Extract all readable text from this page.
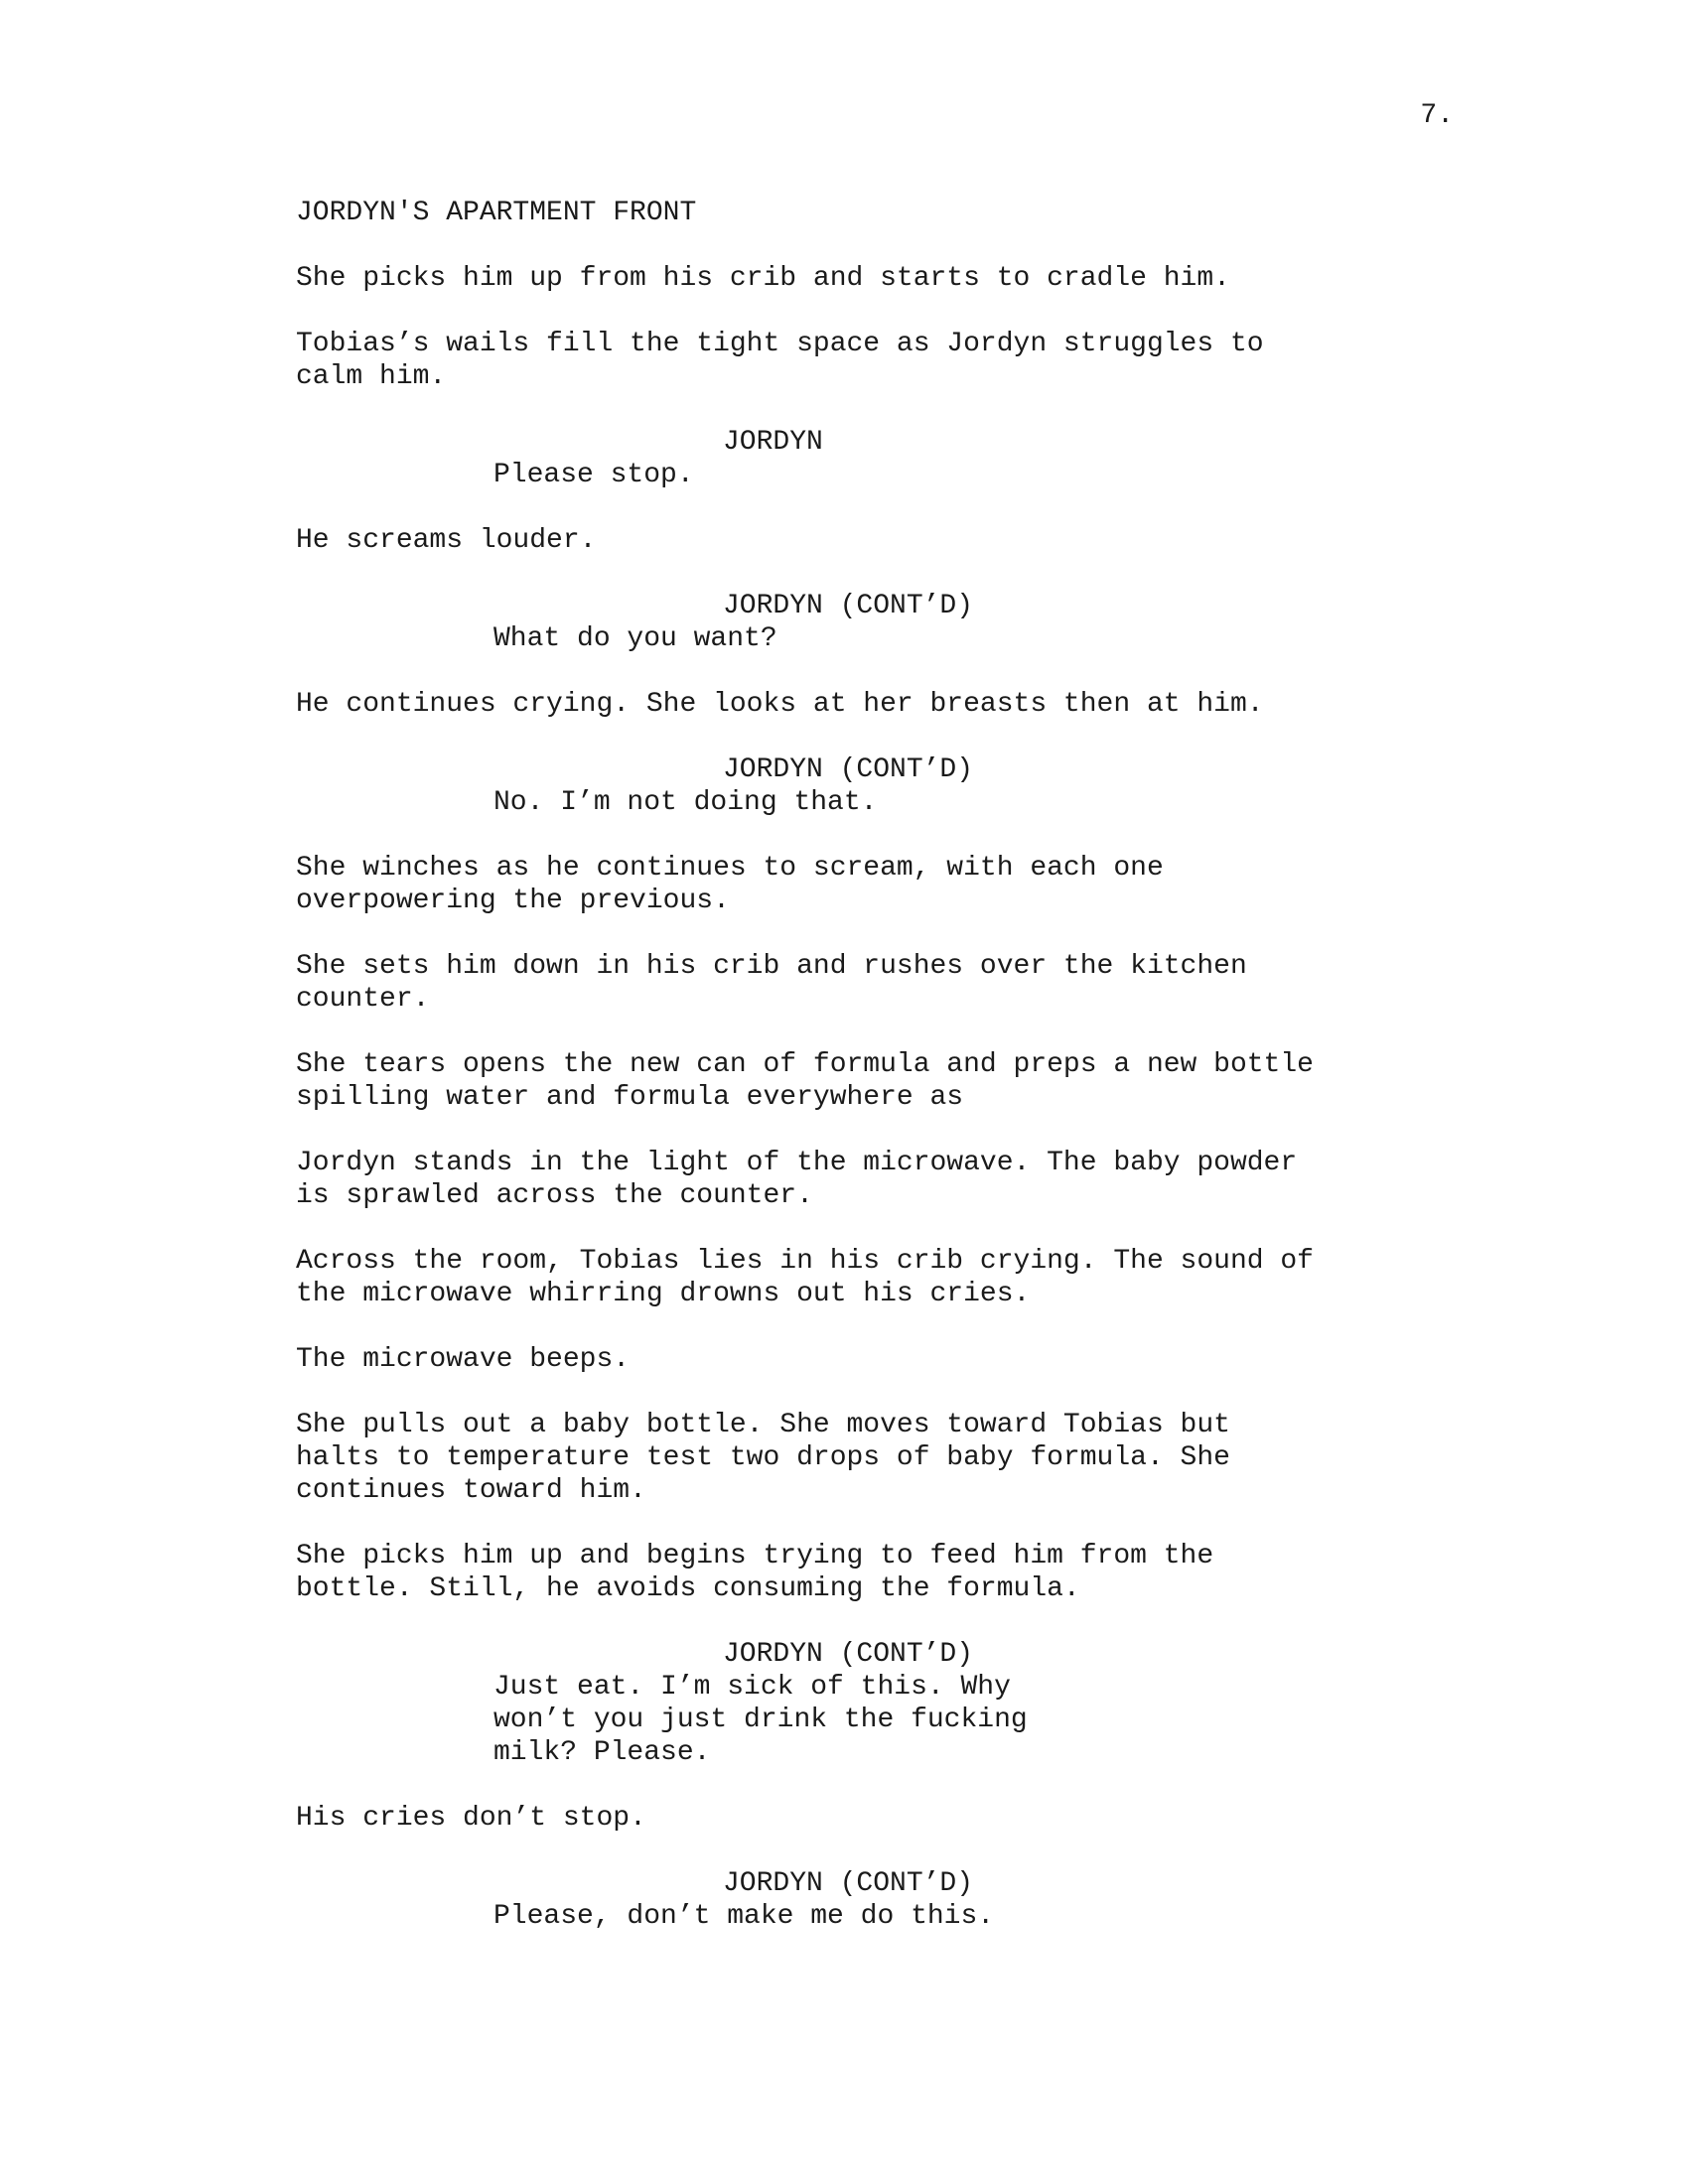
7.
JORDYN'S APARTMENT FRONT
She picks him up from his crib and starts to cradle him.
Tobias’s wails fill the tight space as Jordyn struggles to
calm him.
JORDYN
Please stop.
He screams louder.
JORDYN (CONT’D)
What do you want?
He continues crying. She looks at her breasts then at him.
JORDYN (CONT’D)
No. I’m not doing that.
She winches as he continues to scream, with each one
overpowering the previous.
She sets him down in his crib and rushes over the kitchen
counter.
She tears opens the new can of formula and preps a new bottle
spilling water and formula everywhere as
Jordyn stands in the light of the microwave. The baby powder
is sprawled across the counter.
Across the room, Tobias lies in his crib crying. The sound of
the microwave whirring drowns out his cries.
The microwave beeps.
She pulls out a baby bottle. She moves toward Tobias but
halts to temperature test two drops of baby formula. She
continues toward him.
She picks him up and begins trying to feed him from the
bottle. Still, he avoids consuming the formula.
JORDYN (CONT’D)
Just eat. I’m sick of this. Why
won’t you just drink the fucking
milk? Please.
His cries don’t stop.
JORDYN (CONT’D)
Please, don’t make me do this.
